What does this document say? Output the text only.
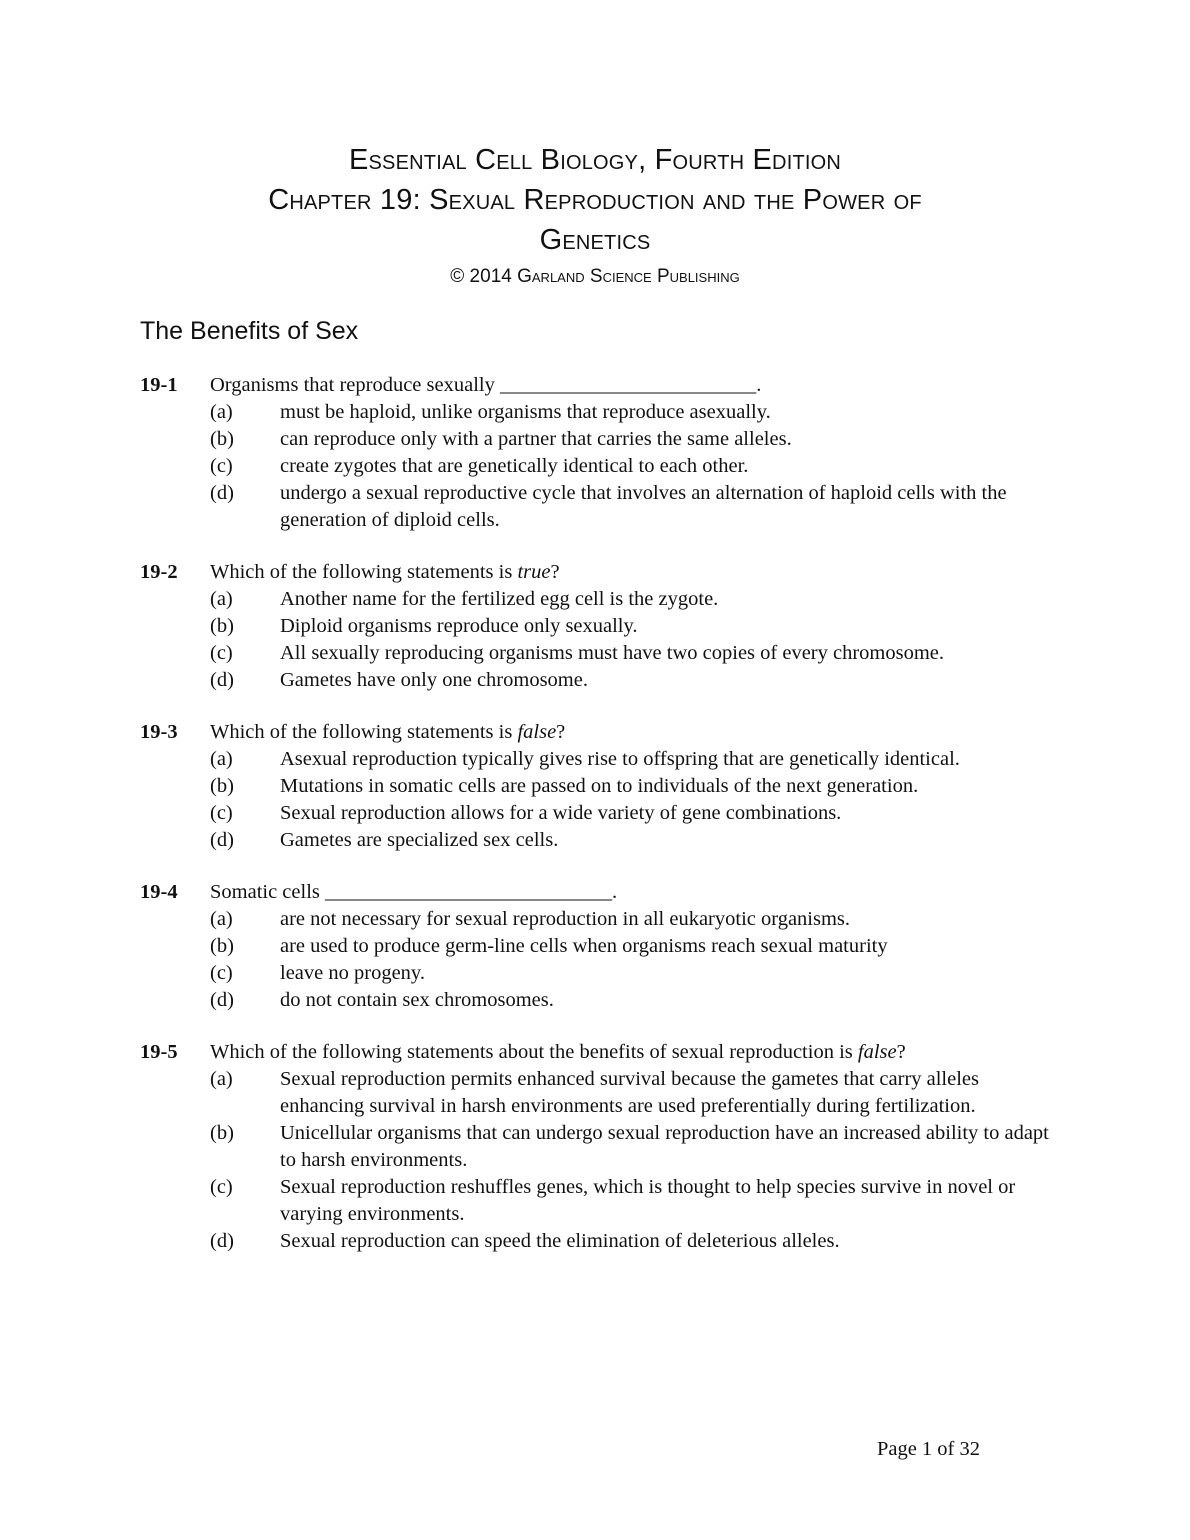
Essential Cell Biology, Fourth Edition
Chapter 19: Sexual Reproduction and the Power of
Genetics
© 2014 Garland Science Publishing
The Benefits of Sex
19-1	Organisms that reproduce sexually _________________________.
(a)	must be haploid, unlike organisms that reproduce asexually.
(b)	can reproduce only with a partner that carries the same alleles.
(c)	create zygotes that are genetically identical to each other.
(d)	undergo a sexual reproductive cycle that involves an alternation of haploid cells with the generation of diploid cells.
19-2	Which of the following statements is true?
(a)	Another name for the fertilized egg cell is the zygote.
(b)	Diploid organisms reproduce only sexually.
(c)	All sexually reproducing organisms must have two copies of every chromosome.
(d)	Gametes have only one chromosome.
19-3	Which of the following statements is false?
(a)	Asexual reproduction typically gives rise to offspring that are genetically identical.
(b)	Mutations in somatic cells are passed on to individuals of the next generation.
(c)	Sexual reproduction allows for a wide variety of gene combinations.
(d)	Gametes are specialized sex cells.
19-4	Somatic cells ____________________________.
(a)	are not necessary for sexual reproduction in all eukaryotic organisms.
(b)	are used to produce germ-line cells when organisms reach sexual maturity
(c)	leave no progeny.
(d)	do not contain sex chromosomes.
19-5	Which of the following statements about the benefits of sexual reproduction is false?
(a)	Sexual reproduction permits enhanced survival because the gametes that carry alleles enhancing survival in harsh environments are used preferentially during fertilization.
(b)	Unicellular organisms that can undergo sexual reproduction have an increased ability to adapt to harsh environments.
(c)	Sexual reproduction reshuffles genes, which is thought to help species survive in novel or varying environments.
(d)	Sexual reproduction can speed the elimination of deleterious alleles.
Page 1 of 32
